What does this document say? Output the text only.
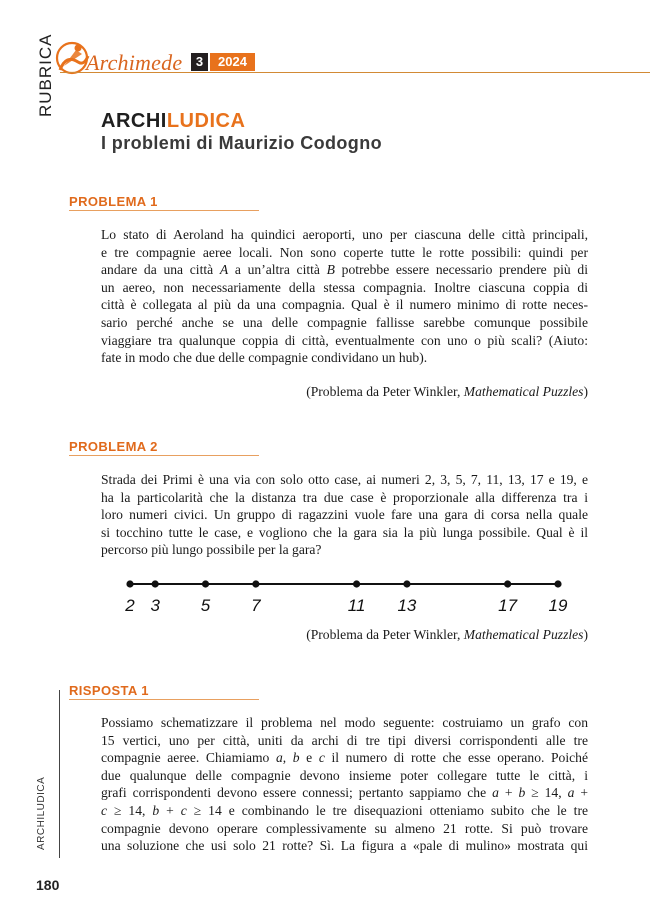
RUBRICA Archimede	3	2024
ARCHILUDICA
I problemi di Maurizio Codogno
PROBLEMA 1
Lo stato di Aeroland ha quindici aeroporti, uno per ciascuna delle città principali,
e tre compagnie aeree locali. Non sono coperte tutte le rotte possibili: quindi per
andare da una città A a un’altra città B potrebbe essere necessario prendere più di
un aereo, non necessariamente della stessa compagnia. Inoltre ciascuna coppia di
città è collegata al più da una compagnia. Qual è il numero minimo di rotte neces-
sario perché anche se una delle compagnie fallisse sarebbe comunque possibile
viaggiare tra qualunque coppia di città, eventualmente con uno o più scali? (Aiuto:
fate in modo che due delle compagnie condividano un hub).
(Problema da Peter Winkler, Mathematical Puzzles)
PROBLEMA 2
Strada dei Primi è una via con solo otto case, ai numeri 2, 3, 5, 7, 11, 13, 17 e 19, e
ha la particolarità che la distanza tra due case è proporzionale alla differenza tra i
loro numeri civici. Un gruppo di ragazzini vuole fare una gara di corsa nella quale
si tocchino tutte le case, e vogliono che la gara sia la più lunga possibile. Qual è il
percorso più lungo possibile per la gara?
2 3 5 7	11 13	17 19
(Problema da Peter Winkler, Mathematical Puzzles)
RISPOSTA 1
Possiamo schematizzare il problema nel modo seguente: costruiamo un grafo con
15 vertici, uno per città, uniti da archi di tre tipi diversi corrispondenti alle tre
compagnie aeree. Chiamiamo a, b e c il numero di rotte che esse operano. Poiché
due qualunque delle compagnie devono insieme poter collegare tutte le città, i
grafi corrispondenti devono essere connessi; pertanto sappiamo che a + b ≥ 14, a +
c ≥ 14, b + c ≥ 14 e combinando le tre disequazioni otteniamo subito che le tre
compagnie devono operare complessivamente su almeno 21 rotte. Si può trovare
una soluzione che usi solo 21 rotte? Sì. La figura a «pale di mulino» mostrata qui
ARCHILUDICA
180
